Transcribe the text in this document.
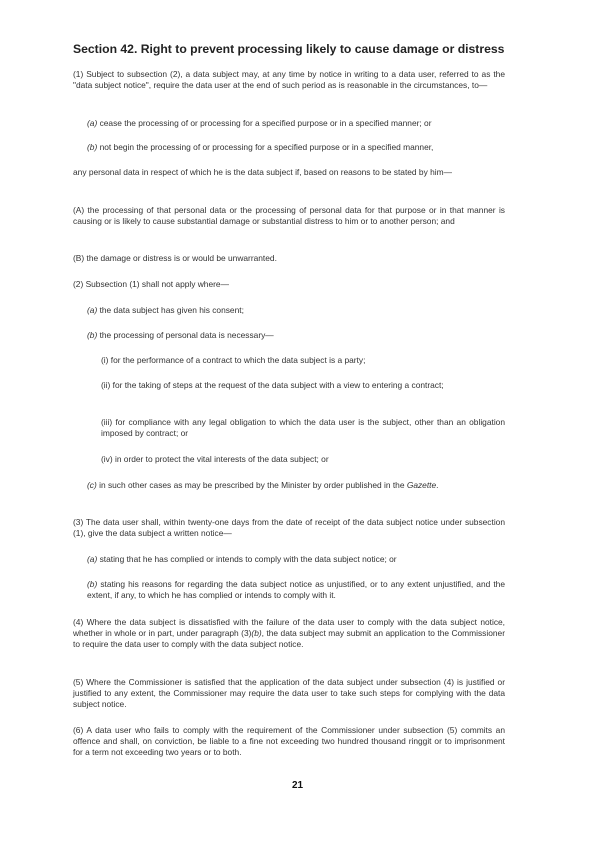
Section 42. Right to prevent processing likely to cause damage or distress
(1) Subject to subsection (2), a data subject may, at any time by notice in writing to a data user, referred to as the "data subject notice", require the data user at the end of such period as is reasonable in the circumstances, to—
(a) cease the processing of or processing for a specified purpose or in a specified manner; or
(b) not begin the processing of or processing for a specified purpose or in a specified manner,
any personal data in respect of which he is the data subject if, based on reasons to be stated by him—
(A) the processing of that personal data or the processing of personal data for that purpose or in that manner is causing or is likely to cause substantial damage or substantial distress to him or to another person; and
(B) the damage or distress is or would be unwarranted.
(2) Subsection (1) shall not apply where—
(a) the data subject has given his consent;
(b) the processing of personal data is necessary—
(i) for the performance of a contract to which the data subject is a party;
(ii) for the taking of steps at the request of the data subject with a view to entering a contract;
(iii) for compliance with any legal obligation to which the data user is the subject, other than an obligation imposed by contract; or
(iv) in order to protect the vital interests of the data subject; or
(c) in such other cases as may be prescribed by the Minister by order published in the Gazette.
(3) The data user shall, within twenty-one days from the date of receipt of the data subject notice under subsection (1), give the data subject a written notice—
(a) stating that he has complied or intends to comply with the data subject notice; or
(b) stating his reasons for regarding the data subject notice as unjustified, or to any extent unjustified, and the extent, if any, to which he has complied or intends to comply with it.
(4) Where the data subject is dissatisfied with the failure of the data user to comply with the data subject notice, whether in whole or in part, under paragraph (3)(b), the data subject may submit an application to the Commissioner to require the data user to comply with the data subject notice.
(5) Where the Commissioner is satisfied that the application of the data subject under subsection (4) is justified or justified to any extent, the Commissioner may require the data user to take such steps for complying with the data subject notice.
(6) A data user who fails to comply with the requirement of the Commissioner under subsection (5) commits an offence and shall, on conviction, be liable to a fine not exceeding two hundred thousand ringgit or to imprisonment for a term not exceeding two years or to both.
21
